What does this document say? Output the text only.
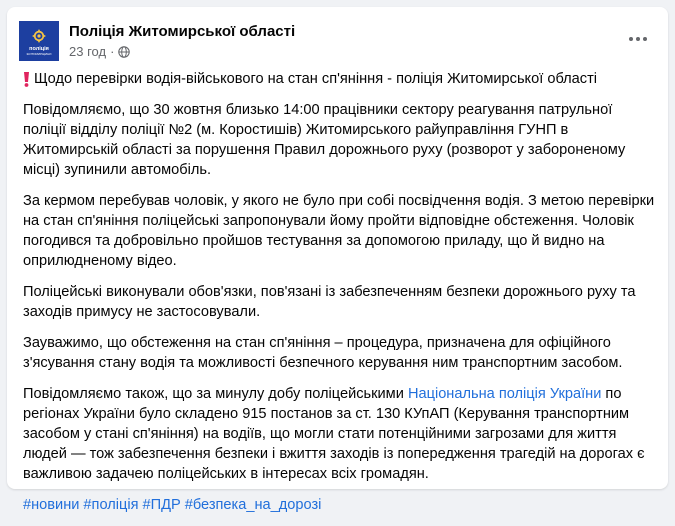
поліція
ЖИТОМИРЩИНИ
Поліція Житомирської області
23 год ·

Щодо перевірки водія-військового на стан сп'яніння - поліція Житомирської області

Повідомляємо, що 30 жовтня близько 14:00 працівники сектору реагування патрульної поліції відділу поліції №2 (м. Коростишів) Житомирського райуправління ГУНП в Житомирській області за порушення Правил дорожнього руху (розворот у забороненому місці) зупинили автомобіль.

За кермом перебував чоловік, у якого не було при собі посвідчення водія. З метою перевірки на стан сп'яніння поліцейські запропонували йому пройти відповідне обстеження. Чоловік погодився та добровільно пройшов тестування за допомогою приладу, що й видно на оприлюдненому відео.

Поліцейські виконували обов'язки, пов'язані із забезпеченням безпеки дорожнього руху та заходів примусу не застосовували.

Зауважимо, що обстеження на стан сп'яніння – процедура, призначена для офіційного з'ясування стану водія та можливості безпечного керування ним транспортним засобом.

Повідомляємо також, що за минулу добу поліцейськими Національна поліція України по регіонах України було складено 915 постанов за ст. 130 КУпАП (Керування транспортним засобом у стані сп'яніння) на водіїв, що могли стати потенційними загрозами для життя людей — тож забезпечення безпеки і вжиття заходів із попередження трагедій на дорогах є важливою задачею поліцейських в інтересах всіх громадян.

#новини #поліція #ПДР #безпека_на_дорозі
